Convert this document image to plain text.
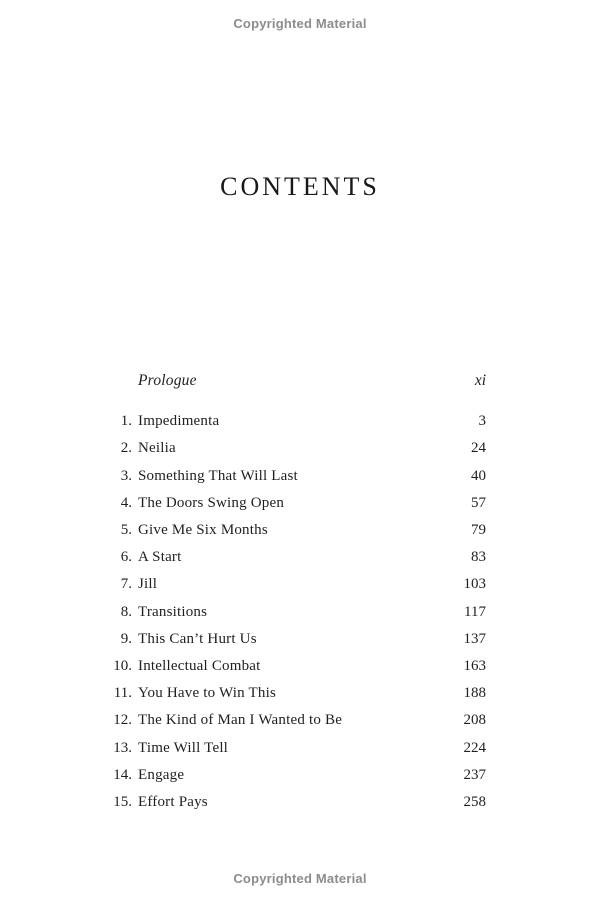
Copyrighted Material
CONTENTS
Prologue	xi
1. Impedimenta	3
2. Neilia	24
3. Something That Will Last	40
4. The Doors Swing Open	57
5. Give Me Six Months	79
6. A Start	83
7. Jill	103
8. Transitions	117
9. This Can’t Hurt Us	137
10. Intellectual Combat	163
11. You Have to Win This	188
12. The Kind of Man I Wanted to Be	208
13. Time Will Tell	224
14. Engage	237
15. Effort Pays	258
Copyrighted Material
